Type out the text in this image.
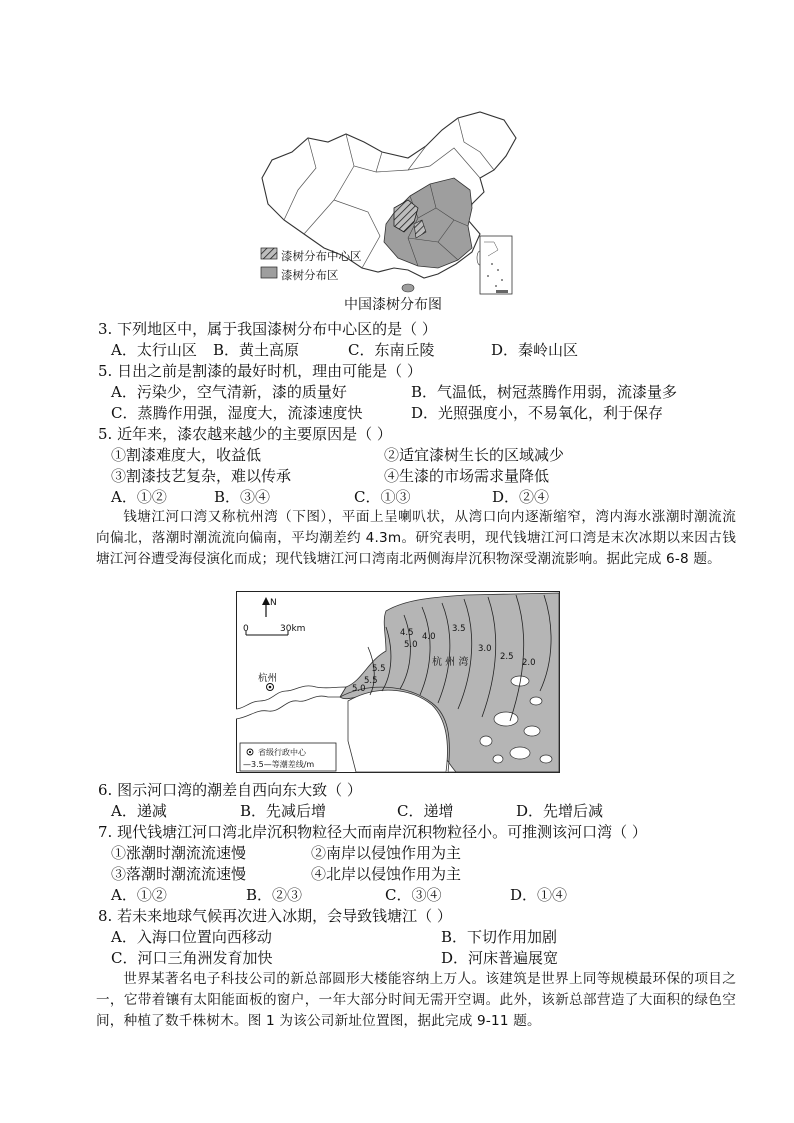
漆树分布中心区
漆树分布区
中国漆树分布图
3. 下列地区中，属于我国漆树分布中心区的是（ ）
A．太行山区 B．黄土高原	C．东南丘陵	D．秦岭山区
5. 日出之前是割漆的最好时机，理由可能是（ ）
A．污染少，空气清新，漆的质量好	B．气温低，树冠蒸腾作用弱，流漆量多
C．蒸腾作用强，湿度大，流漆速度快	D．光照强度小，不易氧化，利于保存
5. 近年来，漆农越来越少的主要原因是（ ）
①割漆难度大，收益低	②适宜漆树生长的区域减少
③割漆技艺复杂，难以传承	④生漆的市场需求量降低
A．①②	B．③④	C．①③	D．②④
钱塘江河口湾又称杭州湾（下图），平面上呈喇叭状，从湾口向内逐渐缩窄，湾内海水涨潮时潮流流向偏北，落潮时潮流流向偏南，平均潮差约 4.3m。研究表明，现代钱塘江河口湾是末次冰期以来因古钱塘江河谷遭受海侵演化而成；现代钱塘江河口湾南北两侧海岸沉积物深受潮流影响。据此完成 6-8 题。
N
0	30km
杭州
杭 州 湾
5.0
5.5
5.5
5.0
4.5 4.0
3.5
3.0
2.5
2.0
省级行政中心
—3.5—等潮差线/m
6. 图示河口湾的潮差自西向东大致（ ）
A．递减	B．先减后增	C．递增	D．先增后减
7. 现代钱塘江河口湾北岸沉积物粒径大而南岸沉积物粒径小。可推测该河口湾（ ）
①涨潮时潮流流速慢	②南岸以侵蚀作用为主
③落潮时潮流流速慢	④北岸以侵蚀作用为主
A．①②	B．②③	C．③④	D．①④
8. 若未来地球气候再次进入冰期，会导致钱塘江（ ）
A．入海口位置向西移动	B．下切作用加剧
C．河口三角洲发育加快	D．河床普遍展宽
世界某著名电子科技公司的新总部圆形大楼能容纳上万人。该建筑是世界上同等规模最环保的项目之一，它带着镶有太阳能面板的窗户，一年大部分时间无需开空调。此外，该新总部营造了大面积的绿色空间，种植了数千株树木。图 1 为该公司新址位置图，据此完成 9-11 题。
